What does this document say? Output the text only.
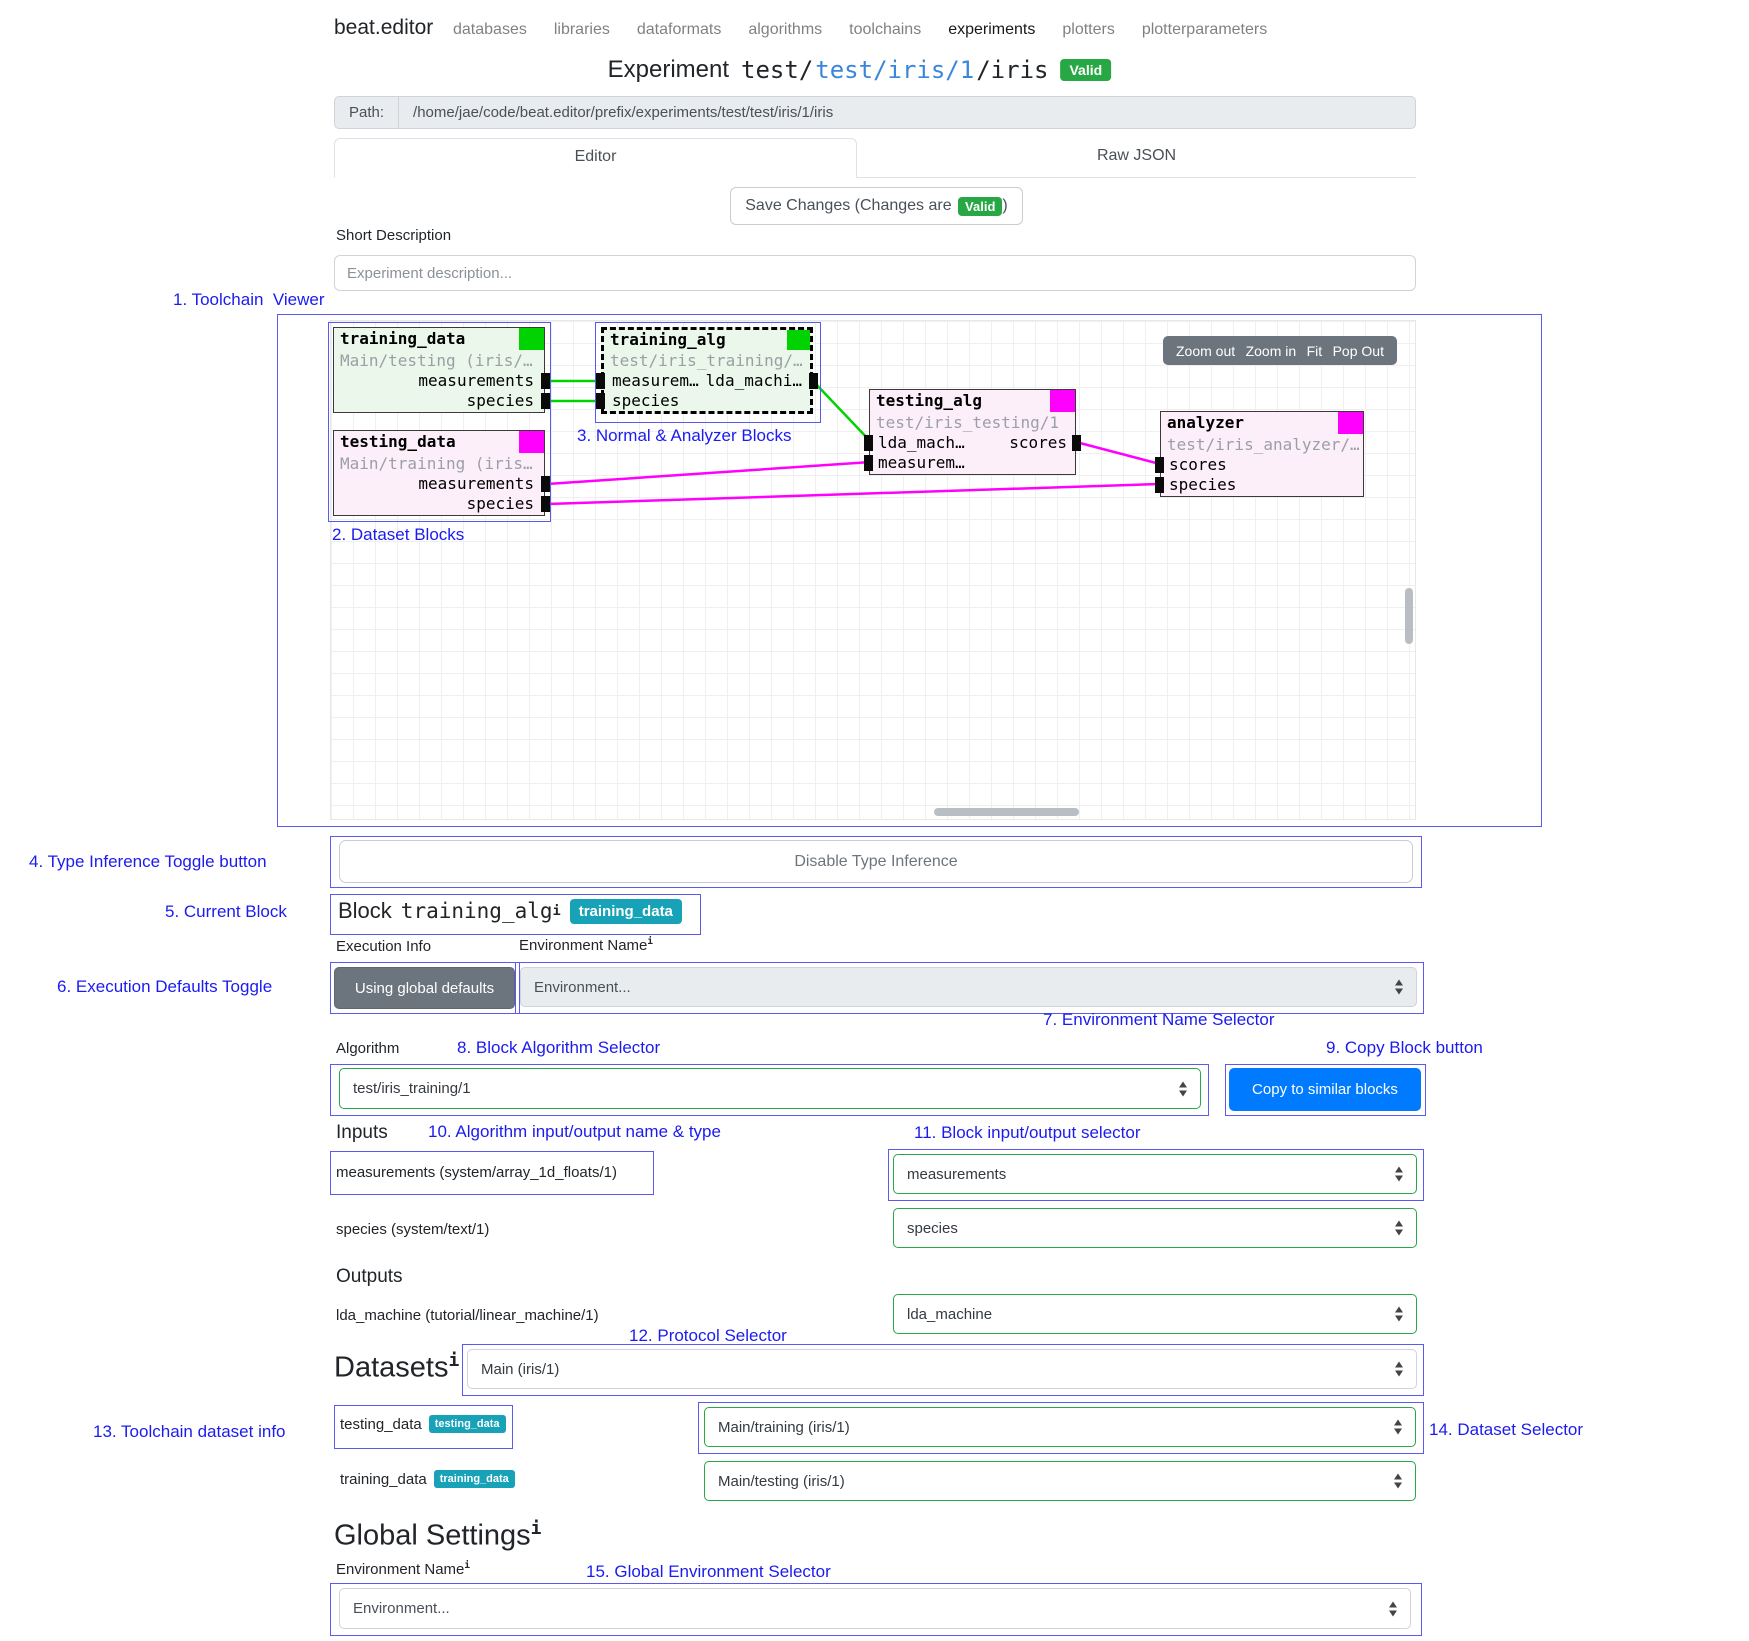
beat.editor databases libraries dataformats algorithms toolchains experiments plotters plotterparameters
Experiment test/ test/iris/1 /iris	Valid
Path:	/home/jae/code/beat.editor/prefix/experiments/test/test/iris/1/iris
Editor	Raw JSON
Save Changes (Changes are Valid )
Short Description
Experiment description...
1. Toolchain  Viewer
training_data
Main/testing (iris/…
measurements
species
training_alg
test/iris_training/…
measurem… lda_machi…
species
testing_data
Main/training (iris…
measurements
species
testing_alg
test/iris_testing/1
lda_mach…	scores
measurem…
analyzer
test/iris_analyzer/…
scores
species
Zoom out Zoom in Fit Pop Out
2. Dataset Blocks
3. Normal & Analyzer Blocks
4. Type Inference Toggle button	Disable Type Inference
5. Current Block Block training_alg i	training_data
Execution Info	Environment Name$^i$
6. Execution Defaults Toggle	Using global defaults	Environment...
7. Environment Name Selector
Algorithm	8. Block Algorithm Selector	9. Copy Block button
test/iris_training/1	Copy to similar blocks
Inputs 10. Algorithm input/output name & type	11. Block input/output selector
measurements (system/array_1d_floats/1)	measurements
species (system/text/1)	species
Outputs
lda_machine (tutorial/linear_machine/1)	lda_machine
12. Protocol Selector
Datasets$^i$ Main (iris/1)
13. Toolchain dataset info	testing_data	testing_data	Main/training (iris/1)	14. Dataset Selector
training_data	training_data	Main/testing (iris/1)
Global Settings$^i$
Environment Name$^i$	15. Global Environment Selector
Environment...
